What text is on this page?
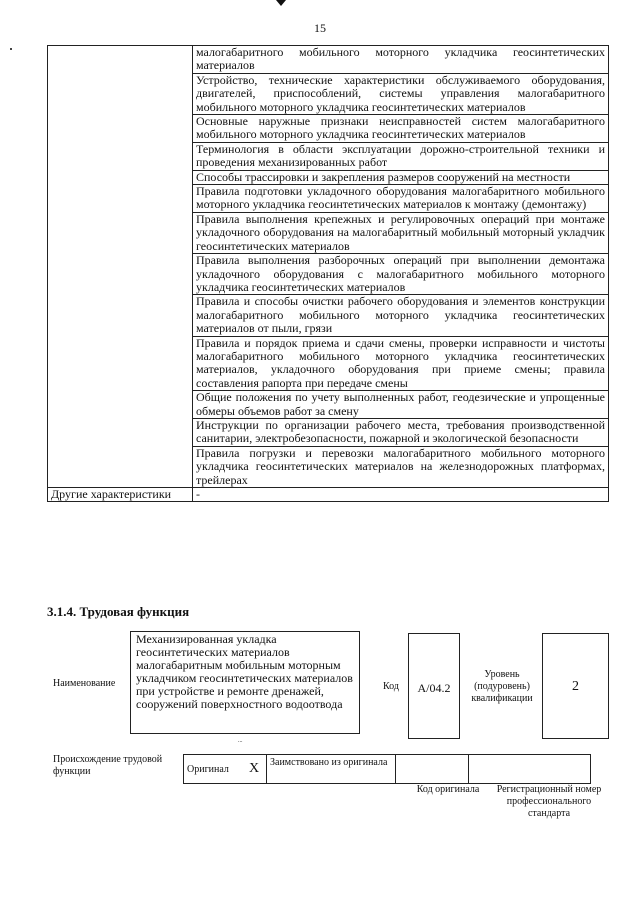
15
	малогабаритного мобильного моторного укладчика геосинтетических материалов
	Устройство, технические характеристики обслуживаемого оборудования, двигателей, приспособлений, системы управления малогабаритного мобильного моторного укладчика геосинтетических материалов
	Основные наружные признаки неисправностей систем малогабаритного мобильного моторного укладчика геосинтетических материалов
	Терминология в области эксплуатации дорожно-строительной техники и проведения механизированных работ
	Способы трассировки и закрепления размеров сооружений на местности
	Правила подготовки укладочного оборудования малогабаритного мобильного моторного укладчика геосинтетических материалов к монтажу (демонтажу)
	Правила выполнения крепежных и регулировочных операций при монтаже укладочного оборудования на малогабаритный мобильный моторный укладчик геосинтетических материалов
	Правила выполнения разборочных операций при выполнении демонтажа укладочного оборудования с малогабаритного мобильного моторного укладчика геосинтетических материалов
	Правила и способы очистки рабочего оборудования и элементов конструкции малогабаритного мобильного моторного укладчика геосинтетических материалов от пыли, грязи
	Правила и порядок приема и сдачи смены, проверки исправности и чистоты малогабаритного мобильного моторного укладчика геосинтетических материалов, укладочного оборудования при приеме смены; правила составления рапорта при передаче смены
	Общие положения по учету выполненных работ, геодезические и упрощенные обмеры объемов работ за смену
	Инструкции по организации рабочего места, требования производственной санитарии, электробезопасности, пожарной и экологической безопасности
	Правила погрузки и перевозки малогабаритного мобильного моторного укладчика геосинтетических материалов на железнодорожных платформах, трейлерах
Другие характеристики	-
3.1.4. Трудовая функция
Наименование
Механизированная укладка геосинтетических материалов малогабаритным мобильным моторным укладчиком геосинтетических материалов при устройстве и ремонте дренажей, сооружений поверхностного водоотвода
...
Код	А/04.2
Уровень (подуровень) квалификации
2
Происхождение трудовой функции	Оригинал	X	Заимствовано из оригинала		
Код оригинала	Регистрационный номер профессионального стандарта
